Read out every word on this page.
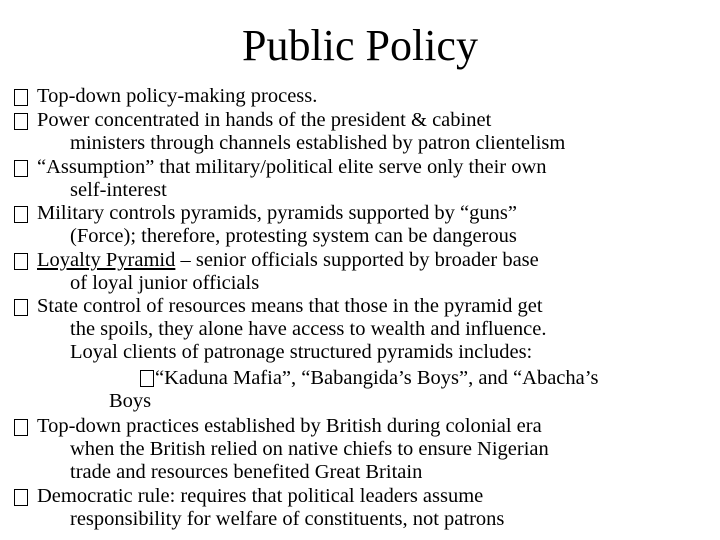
Public Policy
Top-down policy-making process.
Power concentrated in hands of the president & cabinet
ministers through channels established by patron clientelism
“Assumption” that military/political elite serve only their own
self-interest
Military controls pyramids, pyramids supported by “guns”
(Force); therefore, protesting system can be dangerous
Loyalty Pyramid – senior officials supported by broader base
of loyal junior officials
State control of resources means that those in the pyramid get
the spoils, they alone have access to wealth and influence.
Loyal clients of patronage structured pyramids includes:
“Kaduna Mafia”, “Babangida’s Boys”, and “Abacha’s
Boys
Top-down practices established by British during colonial era
when the British relied on native chiefs to ensure Nigerian
trade and resources benefited Great Britain
Democratic rule: requires that political leaders assume
responsibility for welfare of constituents, not patrons
